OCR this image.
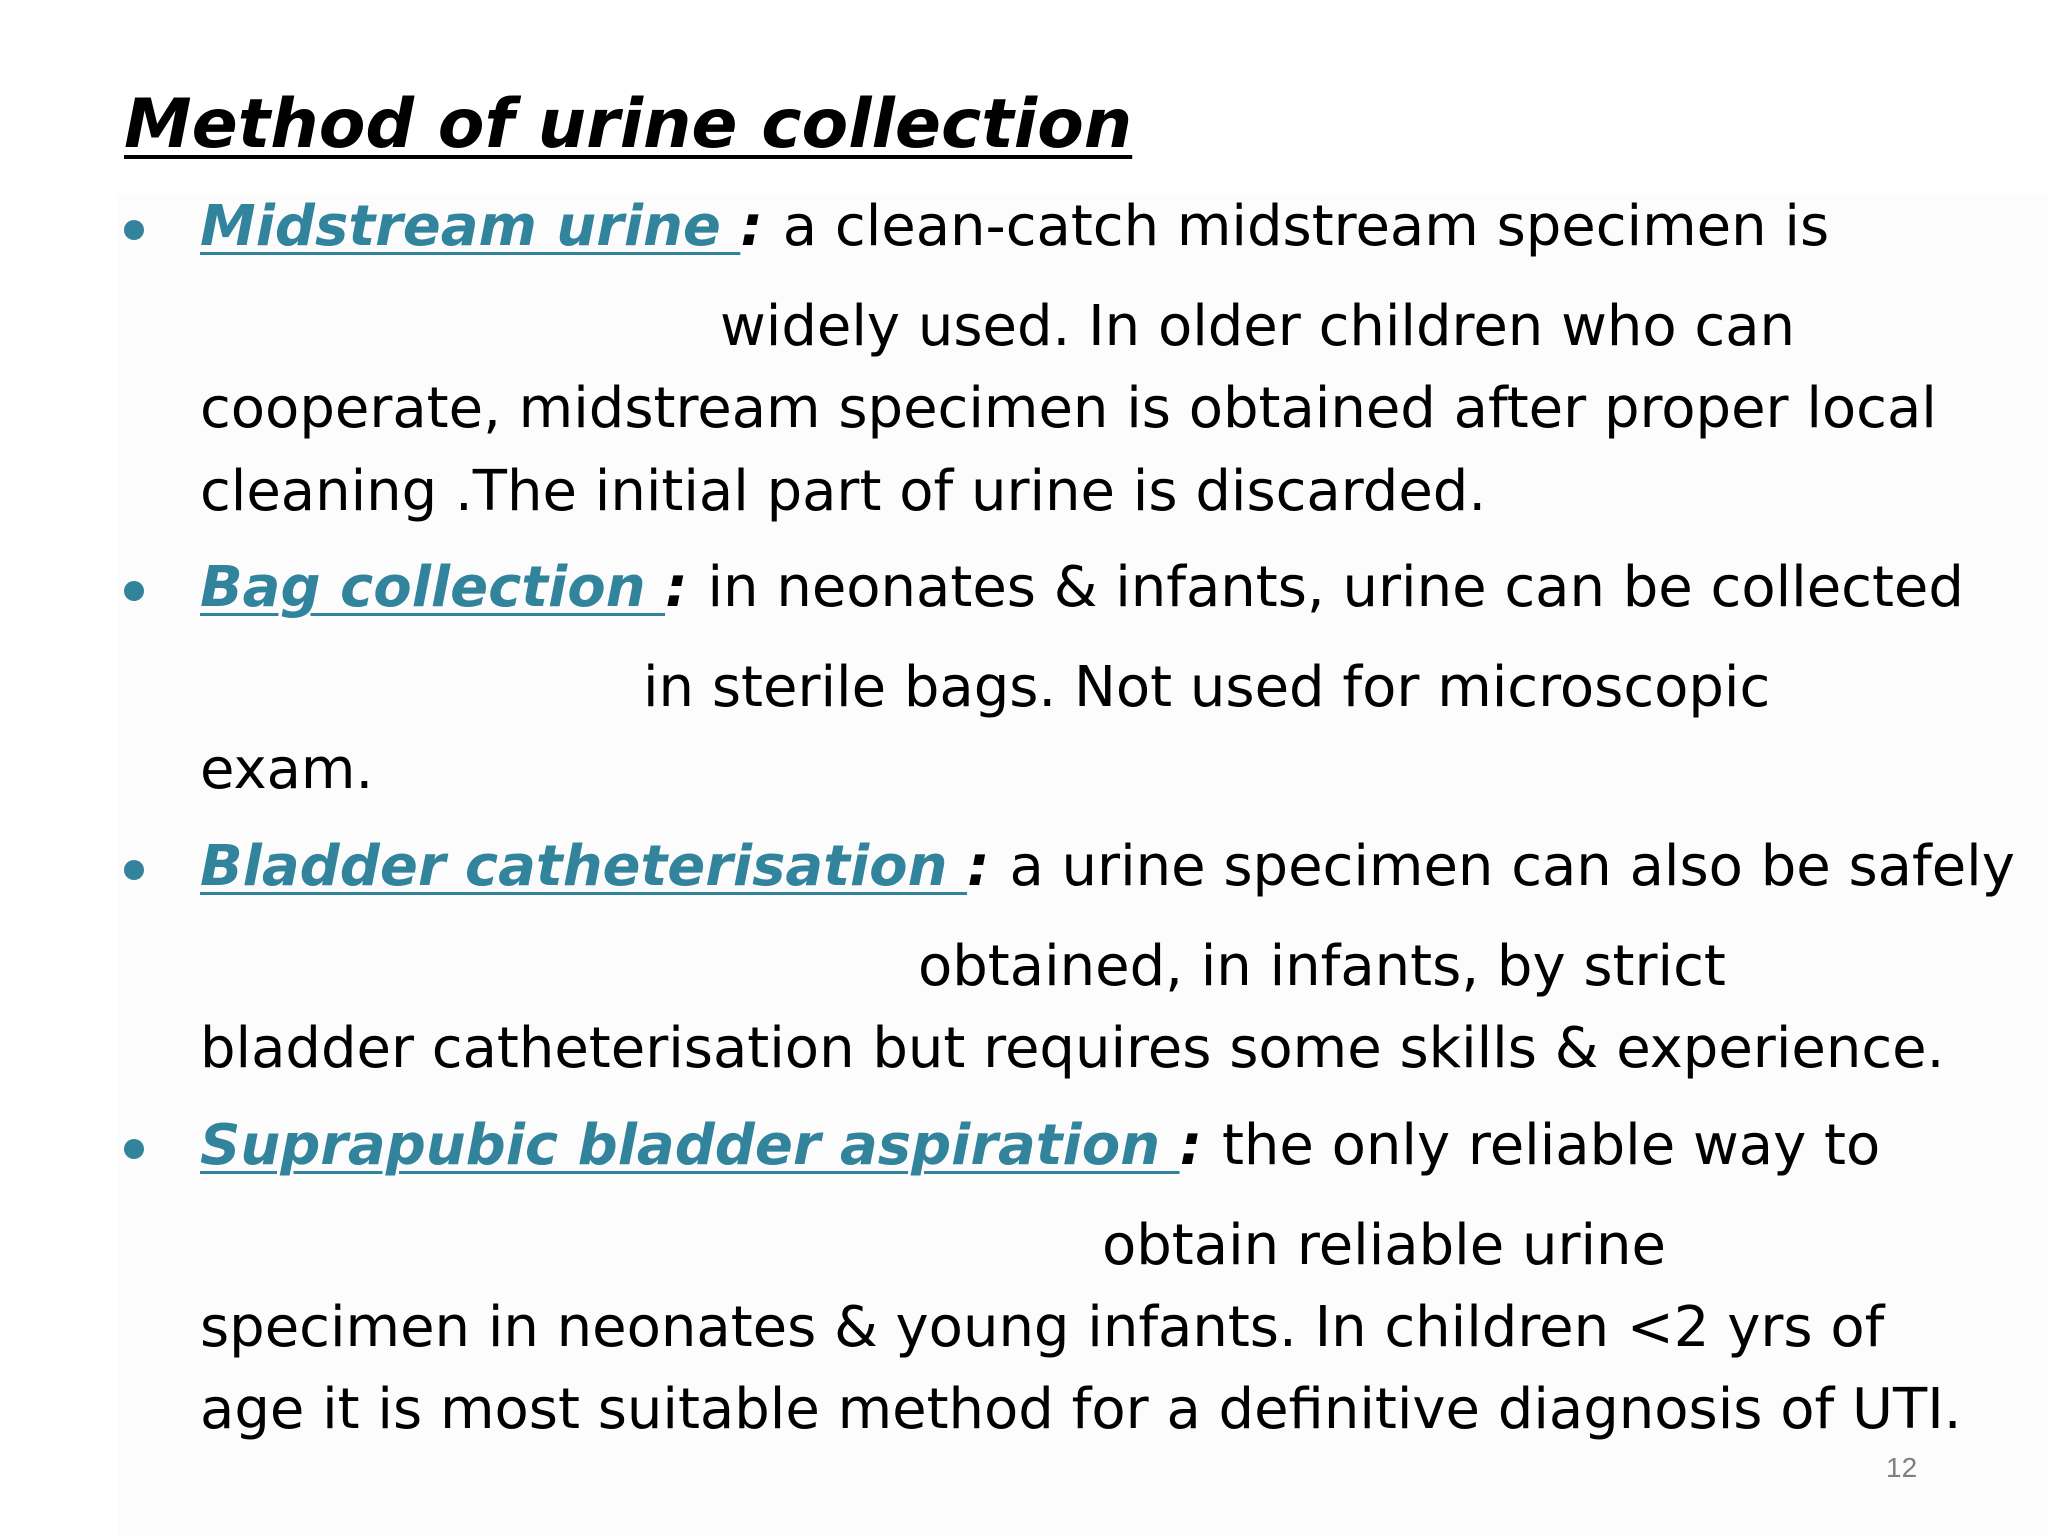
Method of urine collection
Midstream urine : a clean-catch midstream specimen is
widely used. In older children who can
cooperate, midstream specimen is obtained after proper local
cleaning .The initial part of urine is discarded.
Bag collection : in neonates & infants, urine can be collected
in sterile bags. Not used for microscopic
exam.
Bladder catheterisation : a urine specimen can also be safely
obtained, in infants, by strict
bladder catheterisation but requires some skills & experience.
Suprapubic bladder aspiration : the only reliable way to
obtain reliable urine
specimen in neonates & young infants. In children <2 yrs of
age it is most suitable method for a definitive diagnosis of UTI.
12
